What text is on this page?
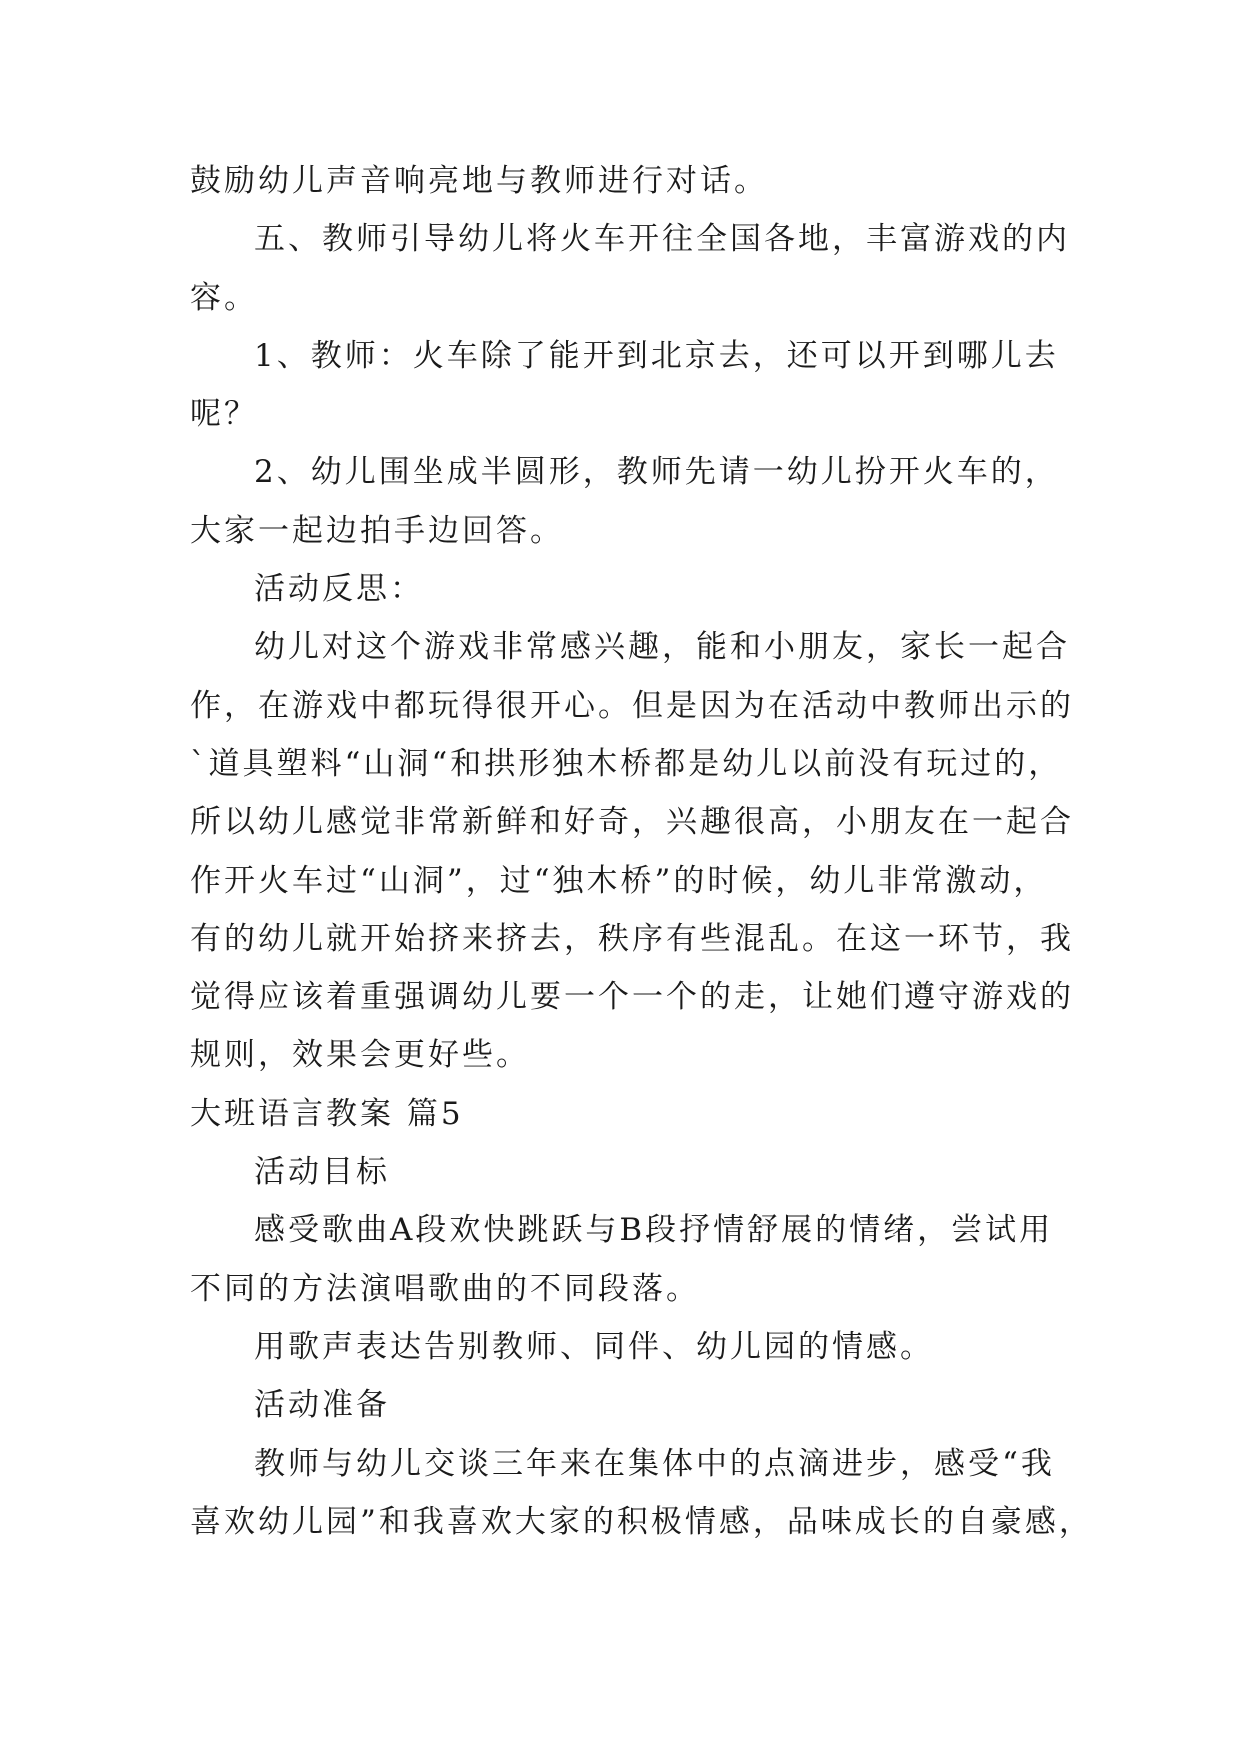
鼓励幼儿声音响亮地与教师进行对话。
五、教师引导幼儿将火车开往全国各地，丰富游戏的内
容。
1、教师：火车除了能开到北京去，还可以开到哪儿去
呢？
2、幼儿围坐成半圆形，教师先请一幼儿扮开火车的，
大家一起边拍手边回答。
活动反思：
幼儿对这个游戏非常感兴趣，能和小朋友，家长一起合
作，在游戏中都玩得很开心。但是因为在活动中教师出示的
`道具塑料“山洞“和拱形独木桥都是幼儿以前没有玩过的，
所以幼儿感觉非常新鲜和好奇，兴趣很高，小朋友在一起合
作开火车过“山洞”，过“独木桥”的时候，幼儿非常激动，
有的幼儿就开始挤来挤去，秩序有些混乱。在这一环节，我
觉得应该着重强调幼儿要一个一个的走，让她们遵守游戏的
规则，效果会更好些。
大班语言教案 篇5
活动目标
感受歌曲A段欢快跳跃与B段抒情舒展的情绪，尝试用
不同的方法演唱歌曲的不同段落。
用歌声表达告别教师、同伴、幼儿园的情感。
活动准备
教师与幼儿交谈三年来在集体中的点滴进步，感受“我
喜欢幼儿园”和我喜欢大家的积极情感，品味成长的自豪感，
